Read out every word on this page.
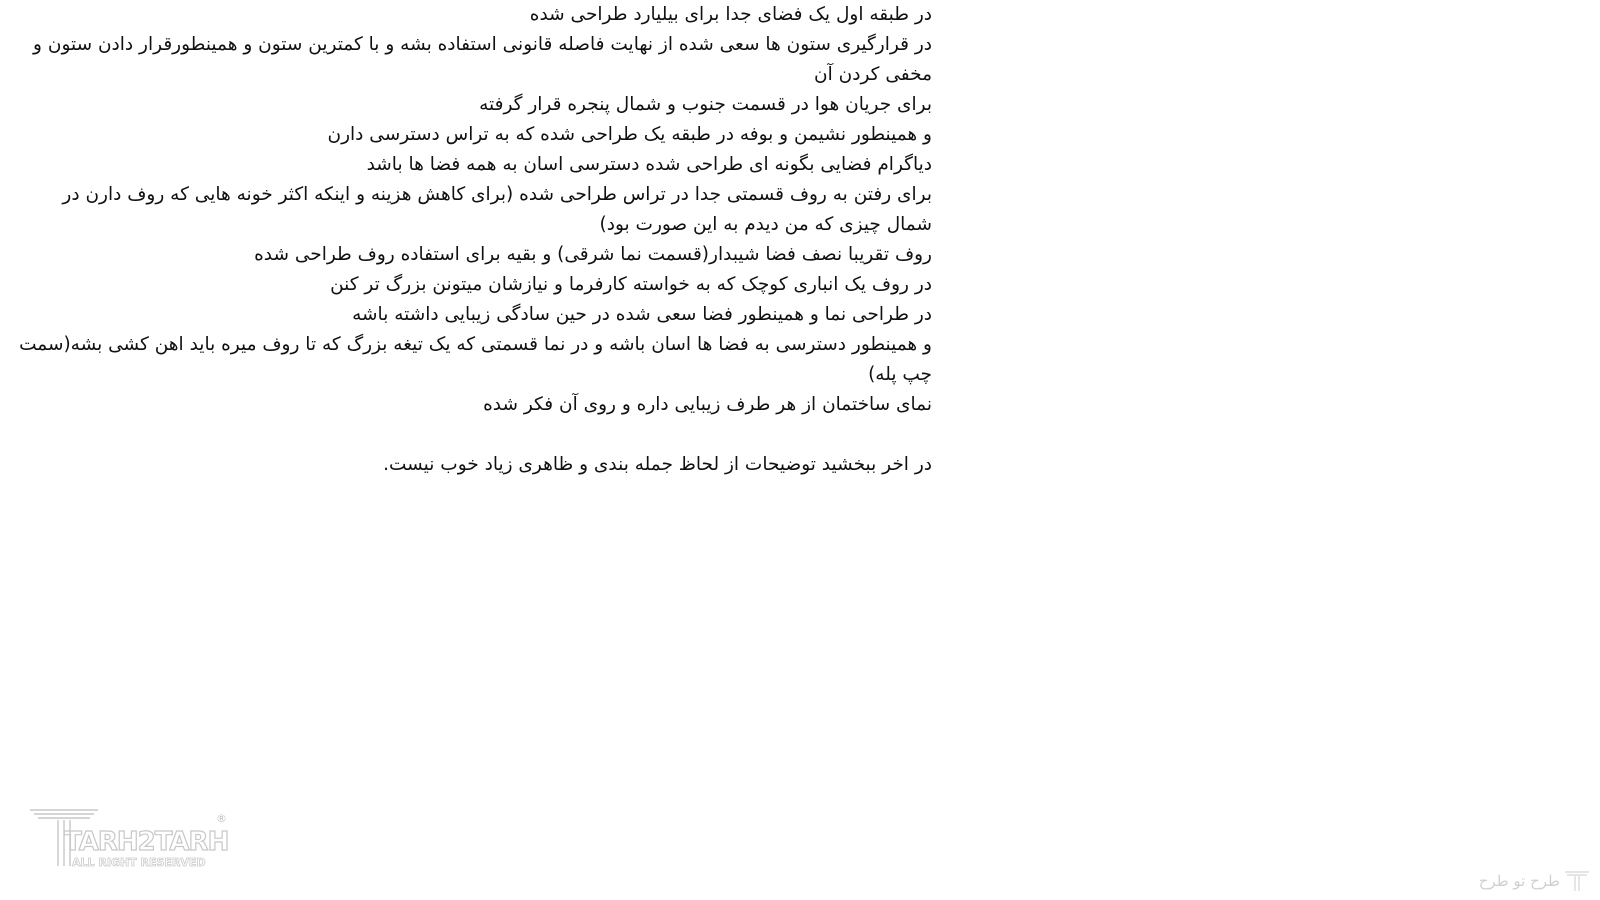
در طبقه اول یک فضای جدا برای بیلیارد طراحی شده
در قرارگیری ستون ها سعی شده از نهایت فاصله قانونی استفاده بشه و با کمترین ستون و همینطورقرار دادن ستون و مخفی کردن آن
برای جریان هوا در قسمت جنوب و شمال پنجره قرار گرفته
و همینطور نشیمن و بوفه در طبقه یک طراحی شده که به تراس دسترسی دارن
دیاگرام فضایی بگونه ای طراحی شده دسترسی اسان به همه فضا ها باشد
برای رفتن به روف قسمتی جدا در تراس طراحی شده (برای کاهش هزینه و اینکه اکثر خونه هایی که روف دارن در شمال چیزی که من دیدم به این صورت بود)
روف تقریبا نصف فضا شیبدار(قسمت نما شرقی) و بقیه برای استفاده روف طراحی شده
در روف یک انباری کوچک که به خواسته کارفرما و نیازشان میتونن بزرگ تر کنن
در طراحی نما و همینطور فضا سعی شده در حین سادگی زیبایی داشته باشه
و همینطور دسترسی به فضا ها اسان باشه و در نما قسمتی که یک تیغه بزرگ که تا روف میره باید اهن کشی بشه(سمت چپ پله)
نمای ساختمان از هر طرف زیبایی داره و روی آن فکر شده
در اخر ببخشید توضیحات از لحاظ جمله بندی و ظاهری زیاد خوب نیست.
TARH2TARH
®
ALL RIGHT RESERVED
طرح تو طرح
